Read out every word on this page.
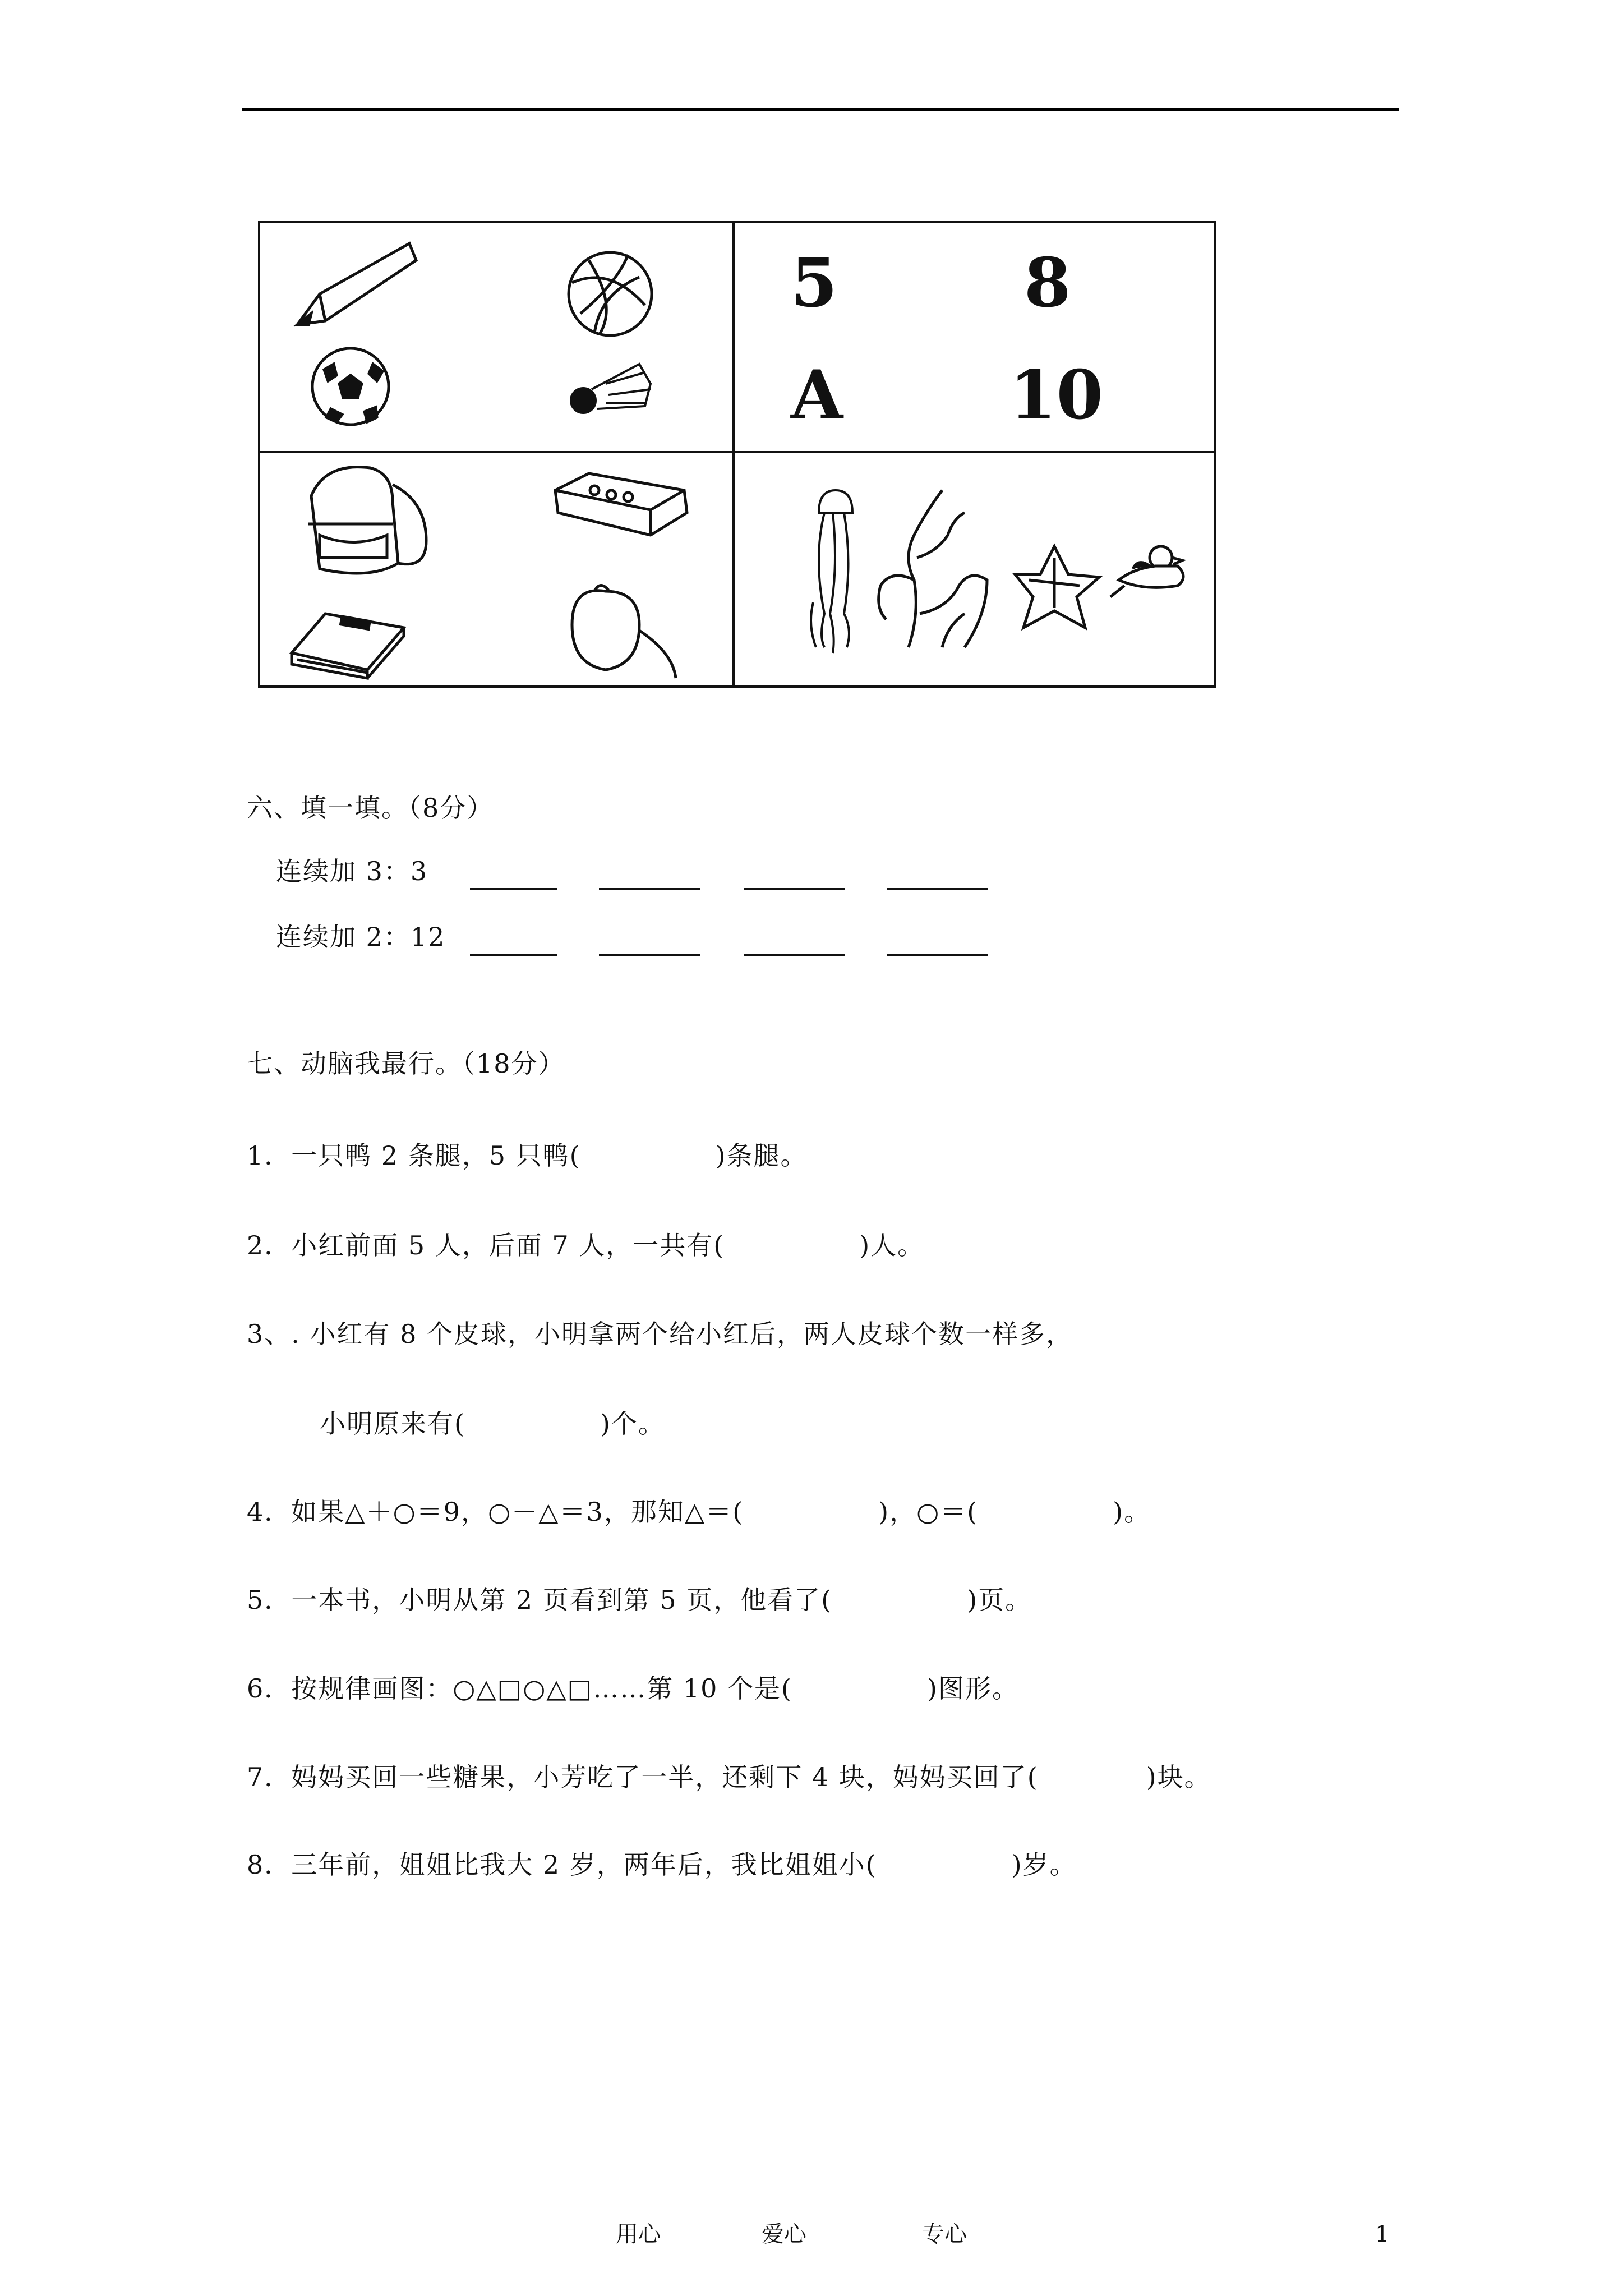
5	8
A 10
六、填一填。（8分）
连续加 3：3
连续加 2：12
七、动脑我最行。（18分）
1．一只鸭 2 条腿，5 只鸭(　　　　　)条腿。
2．小红前面 5 人，后面 7 人，一共有(　　　　　)人。
3、. 小红有 8 个皮球，小明拿两个给小红后，两人皮球个数一样多，
小明原来有(　　　　　)个。
4．如果△＋○＝9，○－△＝3，那知△＝(　　　　　)，○＝(　　　　　)。
5．一本书，小明从第 2 页看到第 5 页，他看了(　　　　　)页。
6．按规律画图：○△□○△□……第 10 个是(　　　　　)图形。
7．妈妈买回一些糖果，小芳吃了一半，还剩下 4 块，妈妈买回了(　　　　)块。
8．三年前，姐姐比我大 2 岁，两年后，我比姐姐小(　　　　　)岁。
用心	爱心	专心	1
